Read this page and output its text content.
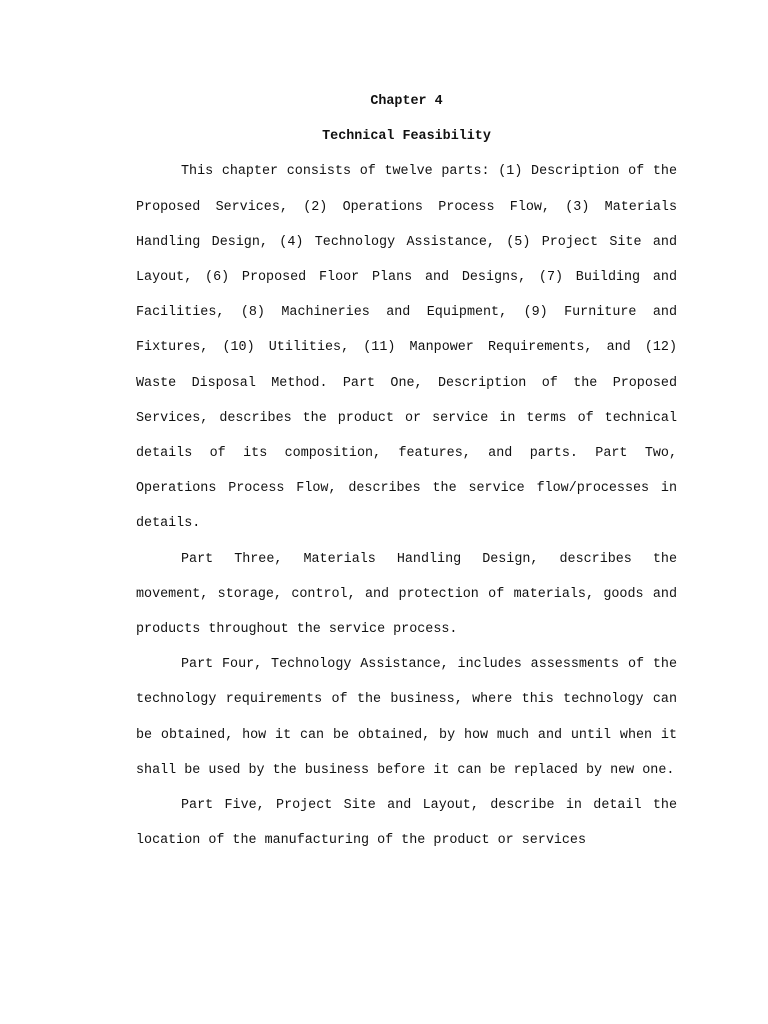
Chapter 4

Technical Feasibility

This chapter consists of twelve parts: (1) Description of the Proposed Services, (2) Operations Process Flow, (3) Materials Handling Design, (4) Technology Assistance, (5) Project Site and Layout, (6) Proposed Floor Plans and Designs, (7) Building and Facilities, (8) Machineries and Equipment, (9) Furniture and Fixtures, (10) Utilities, (11) Manpower Requirements, and (12) Waste Disposal Method. Part One, Description of the Proposed Services, describes the product or service in terms of technical details of its composition, features, and parts. Part Two, Operations Process Flow, describes the service flow/processes in details.

Part Three, Materials Handling Design, describes the movement, storage, control, and protection of materials, goods and products throughout the service process.

Part Four, Technology Assistance, includes assessments of the technology requirements of the business, where this technology can be obtained, how it can be obtained, by how much and until when it shall be used by the business before it can be replaced by new one.

Part Five, Project Site and Layout, describe in detail the location of the manufacturing of the product or services
